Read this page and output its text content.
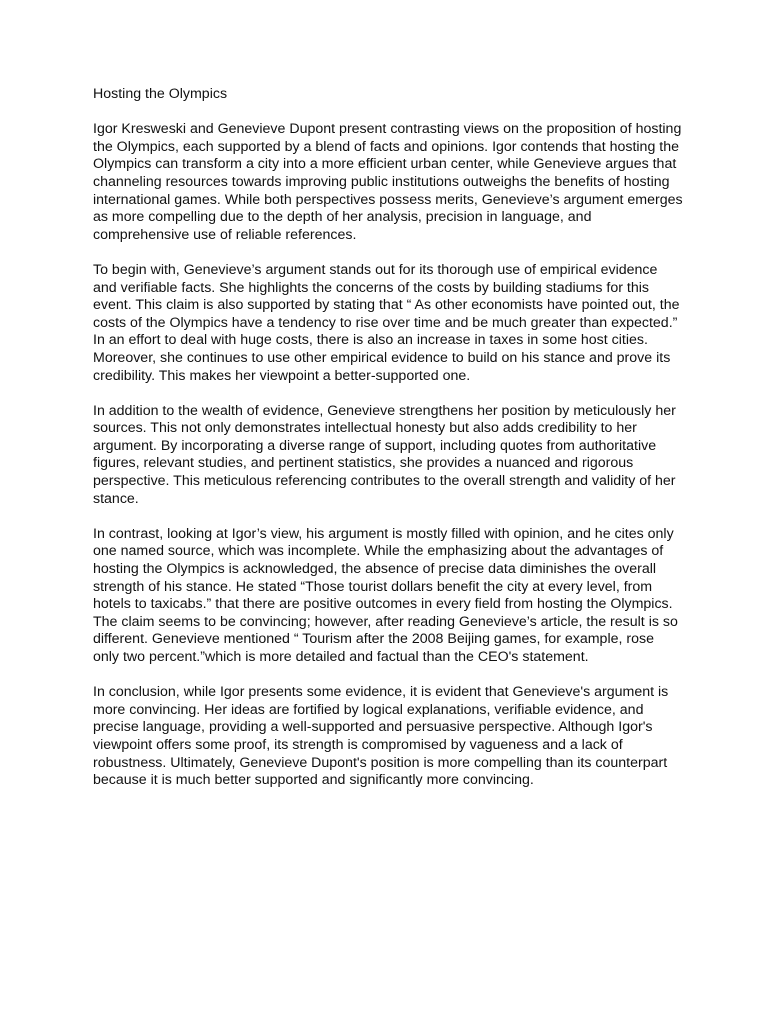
Hosting the Olympics

Igor Kresweski and Genevieve Dupont present contrasting views on the proposition of hosting the Olympics, each supported by a blend of facts and opinions. Igor contends that hosting the Olympics can transform a city into a more efficient urban center, while Genevieve argues that channeling resources towards improving public institutions outweighs the benefits of hosting international games. While both perspectives possess merits, Genevieve’s argument emerges as more compelling due to the depth of her analysis, precision in language, and comprehensive use of reliable references.

To begin with, Genevieve’s argument stands out for its thorough use of empirical evidence and verifiable facts. She highlights the concerns of the costs by building stadiums for this event. This claim is also supported by stating that “ As other economists have pointed out, the costs of the Olympics have a tendency to rise over time and be much greater than expected.” In an effort to deal with huge costs, there is also an increase in taxes in some host cities. Moreover, she continues to use other empirical evidence to build on his stance and prove its credibility. This makes her viewpoint a better-supported one.

In addition to the wealth of evidence, Genevieve strengthens her position by meticulously her sources. This not only demonstrates intellectual honesty but also adds credibility to her argument. By incorporating a diverse range of support, including quotes from authoritative figures, relevant studies, and pertinent statistics, she provides a nuanced and rigorous perspective. This meticulous referencing contributes to the overall strength and validity of her stance.

In contrast, looking at Igor’s view, his argument is mostly filled with opinion, and he cites only one named source, which was incomplete. While the emphasizing about the advantages of hosting the Olympics is acknowledged, the absence of precise data diminishes the overall strength of his stance. He stated “Those tourist dollars benefit the city at every level, from hotels to taxicabs.” that there are positive outcomes in every field from hosting the Olympics. The claim seems to be convincing; however, after reading Genevieve’s article, the result is so different. Genevieve mentioned “ Tourism after the 2008 Beijing games, for example, rose only two percent.”which is more detailed and factual than the CEO's statement.

In conclusion, while Igor presents some evidence, it is evident that Genevieve's argument is more convincing. Her ideas are fortified by logical explanations, verifiable evidence, and precise language, providing a well-supported and persuasive perspective. Although Igor's viewpoint offers some proof, its strength is compromised by vagueness and a lack of robustness. Ultimately, Genevieve Dupont's position is more compelling than its counterpart because it is much better supported and significantly more convincing.
